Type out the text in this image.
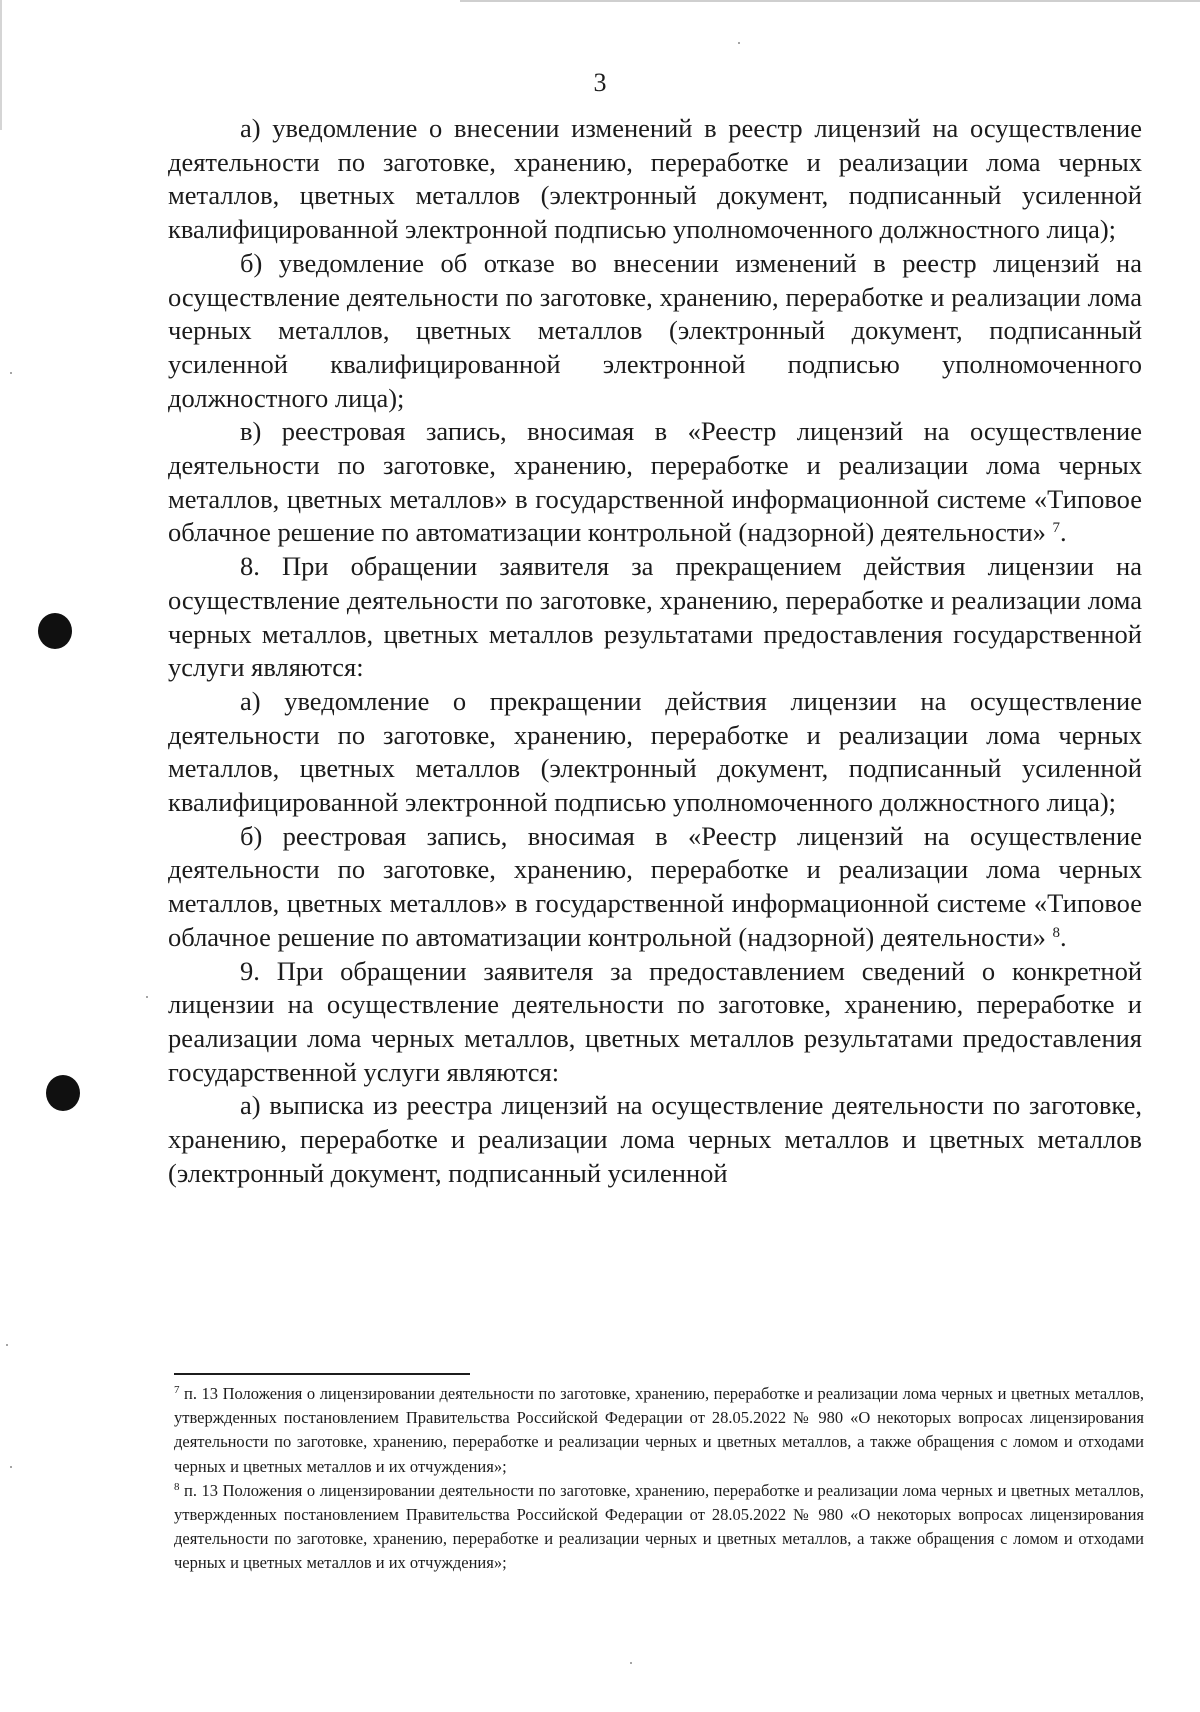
3

а) уведомление о внесении изменений в реестр лицензий на осуществление деятельности по заготовке, хранению, переработке и реализации лома черных металлов, цветных металлов (электронный документ, подписанный усиленной квалифицированной электронной подписью уполномоченного должностного лица);

б) уведомление об отказе во внесении изменений в реестр лицензий на осуществление деятельности по заготовке, хранению, переработке и реализации лома черных металлов, цветных металлов (электронный документ, подписанный усиленной квалифицированной электронной подписью уполномоченного должностного лица);

в) реестровая запись, вносимая в «Реестр лицензий на осуществление деятельности по заготовке, хранению, переработке и реализации лома черных металлов, цветных металлов» в государственной информационной системе «Типовое облачное решение по автоматизации контрольной (надзорной) деятельности» $^7$.

8. При обращении заявителя за прекращением действия лицензии на осуществление деятельности по заготовке, хранению, переработке и реализации лома черных металлов, цветных металлов результатами предоставления государственной услуги являются:

а) уведомление о прекращении действия лицензии на осуществление деятельности по заготовке, хранению, переработке и реализации лома черных металлов, цветных металлов (электронный документ, подписанный усиленной квалифицированной электронной подписью уполномоченного должностного лица);

б) реестровая запись, вносимая в «Реестр лицензий на осуществление деятельности по заготовке, хранению, переработке и реализации лома черных металлов, цветных металлов» в государственной информационной системе «Типовое облачное решение по автоматизации контрольной (надзорной) деятельности» $^8$.

9. При обращении заявителя за предоставлением сведений о конкретной лицензии на осуществление деятельности по заготовке, хранению, переработке и реализации лома черных металлов, цветных металлов результатами предоставления государственной услуги являются:

а) выписка из реестра лицензий на осуществление деятельности по заготовке, хранению, переработке и реализации лома черных металлов и цветных металлов (электронный документ, подписанный усиленной

$^7$ п. 13 Положения о лицензировании деятельности по заготовке, хранению, переработке и реализации лома черных и цветных металлов, утвержденных постановлением Правительства Российской Федерации от 28.05.2022 № 980 «О некоторых вопросах лицензирования деятельности по заготовке, хранению, переработке и реализации черных и цветных металлов, а также обращения с ломом и отходами черных и цветных металлов и их отчуждения»;

$^8$ п. 13 Положения о лицензировании деятельности по заготовке, хранению, переработке и реализации лома черных и цветных металлов, утвержденных постановлением Правительства Российской Федерации от 28.05.2022 № 980 «О некоторых вопросах лицензирования деятельности по заготовке, хранению, переработке и реализации черных и цветных металлов, а также обращения с ломом и отходами черных и цветных металлов и их отчуждения»;
